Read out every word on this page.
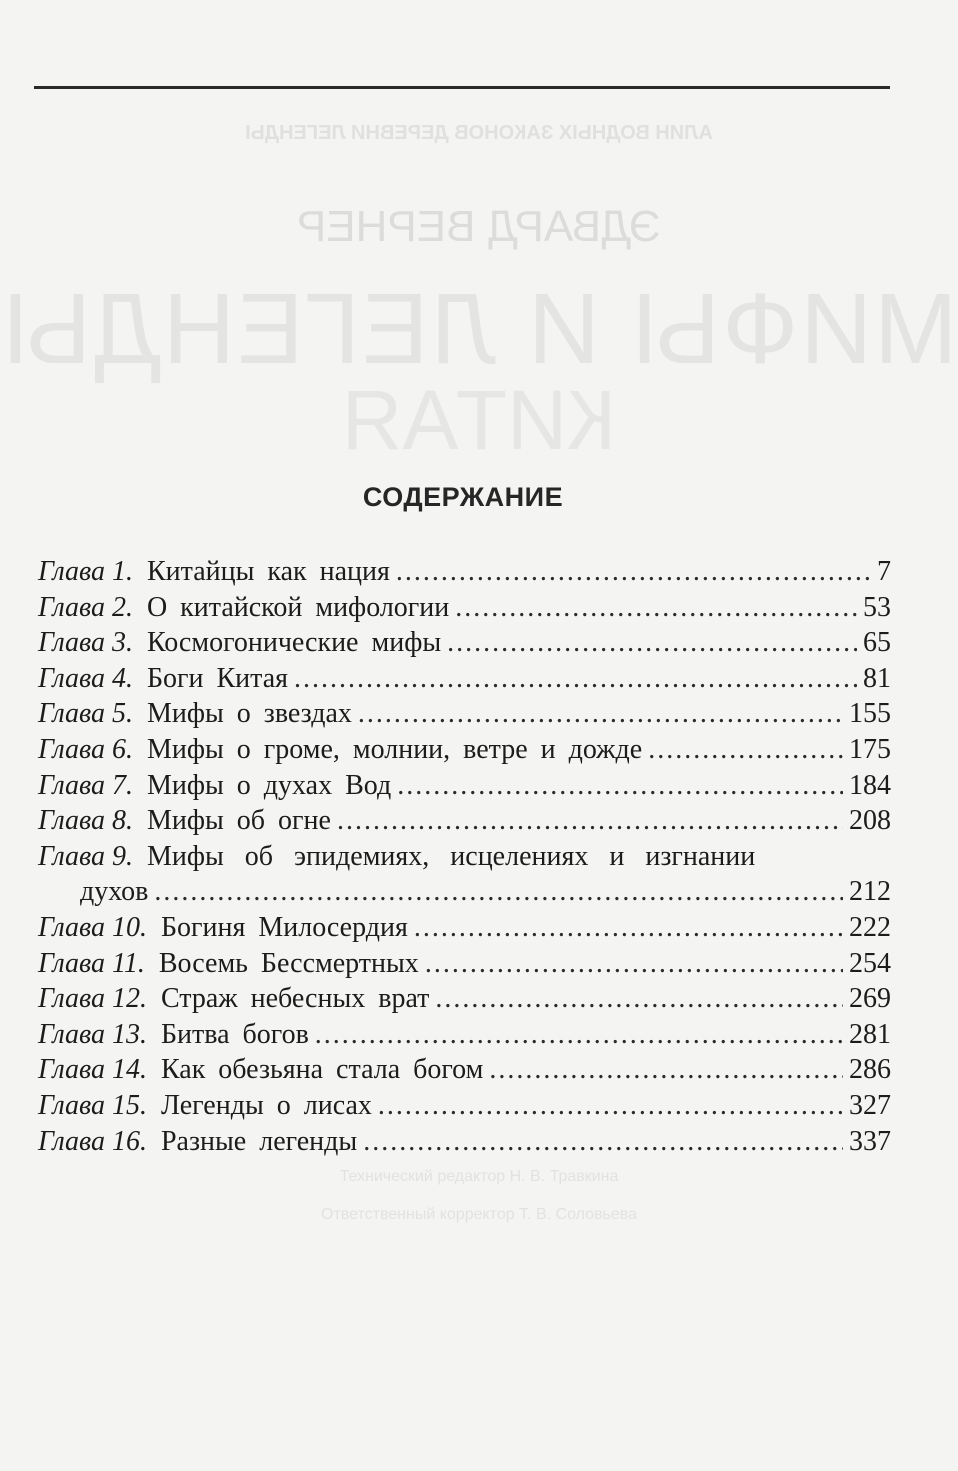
АЛИН ВОДНЫХ ЗАКОНОВ ДЕРЕВНИ ЛЕГЕНДЫ
ЭДВАРД ВЕРНЕР
МИФЫ И ЛЕГЕНДЫ
КИТАЯ
Технический редактор Н. В. Травкина
Ответственный корректор Т. В. Соловьева
СОДЕРЖАНИЕ
Глава 1. Китайцы как нация .....	7
Глава 2. О китайской мифологии .....	53
Глава 3. Космогонические мифы .....	65
Глава 4. Боги Китая .....	81
Глава 5. Мифы о звездах .....	155
Глава 6. Мифы о громе, молнии, ветре и дожде .....	175
Глава 7. Мифы о духах Вод .....	184
Глава 8. Мифы об огне .....	208
Глава 9. Мифы об эпидемиях, исцелениях и изгнании
духов .....	212
Глава 10. Богиня Милосердия .....	222
Глава 11. Восемь Бессмертных .....	254
Глава 12. Страж небесных врат .....	269
Глава 13. Битва богов .....	281
Глава 14. Как обезьяна стала богом .....	286
Глава 15. Легенды о лисах .....	327
Глава 16. Разные легенды .....	337
